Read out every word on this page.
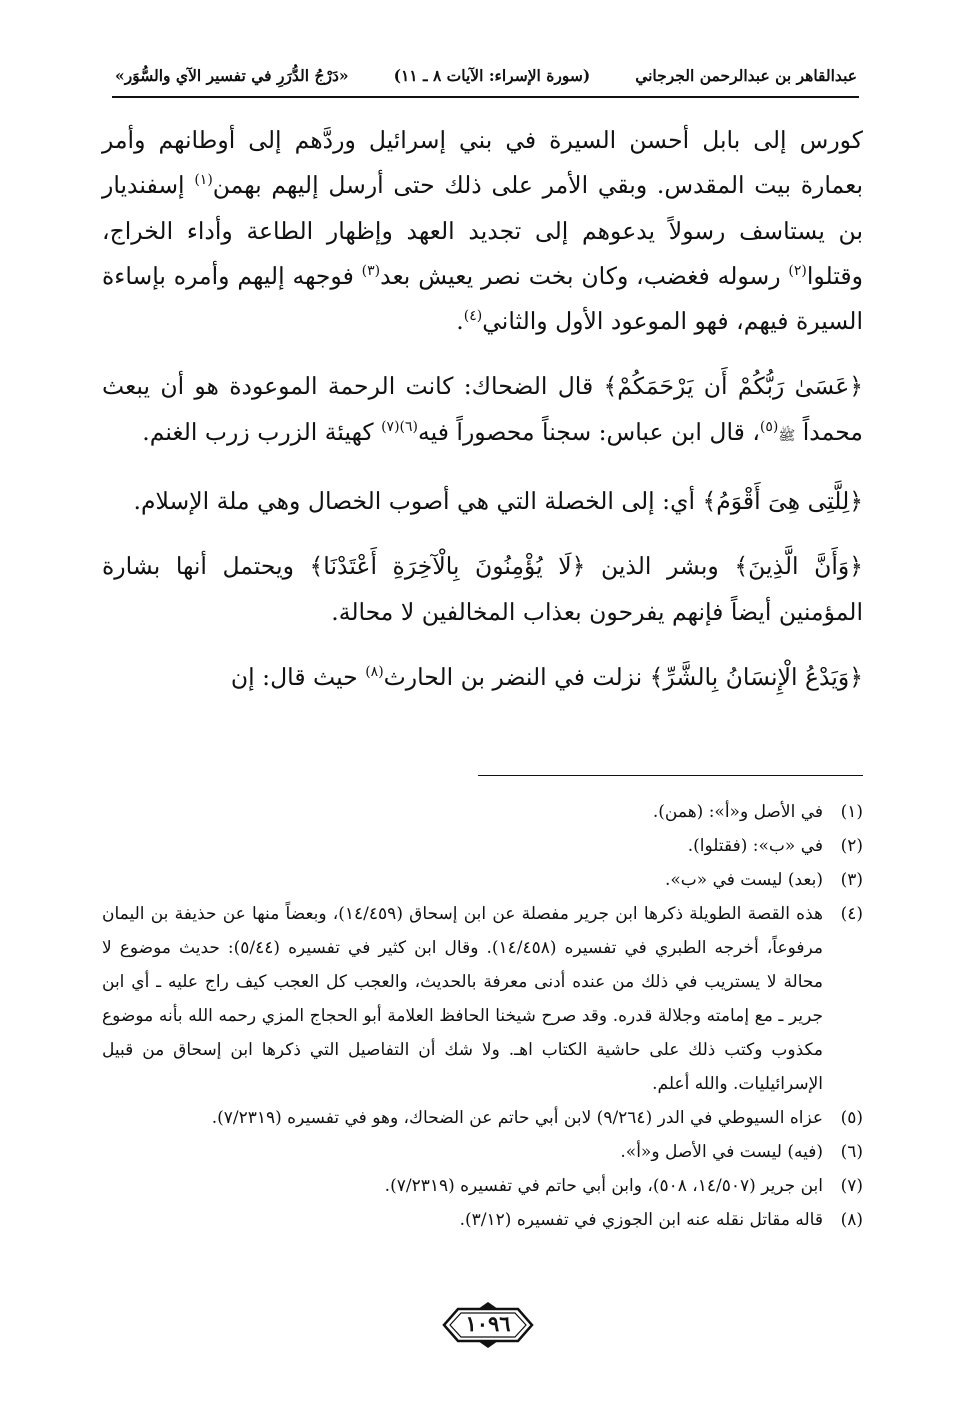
عبدالقاهر بن عبدالرحمن الجرجاني
(سورة الإسراء: الآيات ٨ ـ ١١)
«دَرْجُ الدُّرَرِ في تفسير الآي والسُّوَر»

كورس إلى بابل أحسن السيرة في بني إسرائيل وردَّهم إلى أوطانهم وأمر بعمارة بيت المقدس. وبقي الأمر على ذلك حتى أرسل إليهم بهمن$^{(١)}$ إسفنديار بن يستاسف رسولاً يدعوهم إلى تجديد العهد وإظهار الطاعة وأداء الخراج، وقتلوا$^{(٢)}$ رسوله فغضب، وكان بخت نصر يعيش بعد$^{(٣)}$ فوجهه إليهم وأمره بإساءة السيرة فيهم، فهو الموعود الأول والثاني$^{(٤)}$.

﴿عَسَىٰ رَبُّكُمْ أَن يَرْحَمَكُمْ﴾ قال الضحاك: كانت الرحمة الموعودة هو أن يبعث محمداً ﷺ$^{(٥)}$، قال ابن عباس: سجناً محصوراً فيه$^{(٦)(٧)}$ كهيئة الزرب زرب الغنم.

﴿لِلَّتِى هِىَ أَقْوَمُ﴾ أي: إلى الخصلة التي هي أصوب الخصال وهي ملة الإسلام.

﴿وَأَنَّ الَّذِينَ﴾ وبشر الذين ﴿لَا يُؤْمِنُونَ بِالْآخِرَةِ أَعْتَدْنَا﴾ ويحتمل أنها بشارة المؤمنين أيضاً فإنهم يفرحون بعذاب المخالفين لا محالة.

﴿وَيَدْعُ الْإِنسَانُ بِالشَّرِّ﴾ نزلت في النضر بن الحارث$^{(٨)}$ حيث قال: إن

(١)
في الأصل و«أ»: (همن).
(٢)
في «ب»: (فقتلوا).
(٣)
(بعد) ليست في «ب».
(٤)
هذه القصة الطويلة ذكرها ابن جرير مفصلة عن ابن إسحاق (١٤/٤٥٩)، وبعضاً منها عن حذيفة بن اليمان مرفوعاً، أخرجه الطبري في تفسيره (١٤/٤٥٨). وقال ابن كثير في تفسيره (٥/٤٤): حديث موضوع لا محالة لا يستريب في ذلك من عنده أدنى معرفة بالحديث، والعجب كل العجب كيف راج عليه ـ أي ابن جرير ـ مع إمامته وجلالة قدره. وقد صرح شيخنا الحافظ العلامة أبو الحجاج المزي رحمه الله بأنه موضوع مكذوب وكتب ذلك على حاشية الكتاب اهـ. ولا شك أن التفاصيل التي ذكرها ابن إسحاق من قبيل الإسرائيليات. والله أعلم.
(٥)
عزاه السيوطي في الدر (٩/٢٦٤) لابن أبي حاتم عن الضحاك، وهو في تفسيره (٧/٢٣١٩).
(٦)
(فيه) ليست في الأصل و«أ».
(٧)
ابن جرير (١٤/٥٠٧، ٥٠٨)، وابن أبي حاتم في تفسيره (٧/٢٣١٩).
(٨)
قاله مقاتل نقله عنه ابن الجوزي في تفسيره (٣/١٢).
١٠٩٦
